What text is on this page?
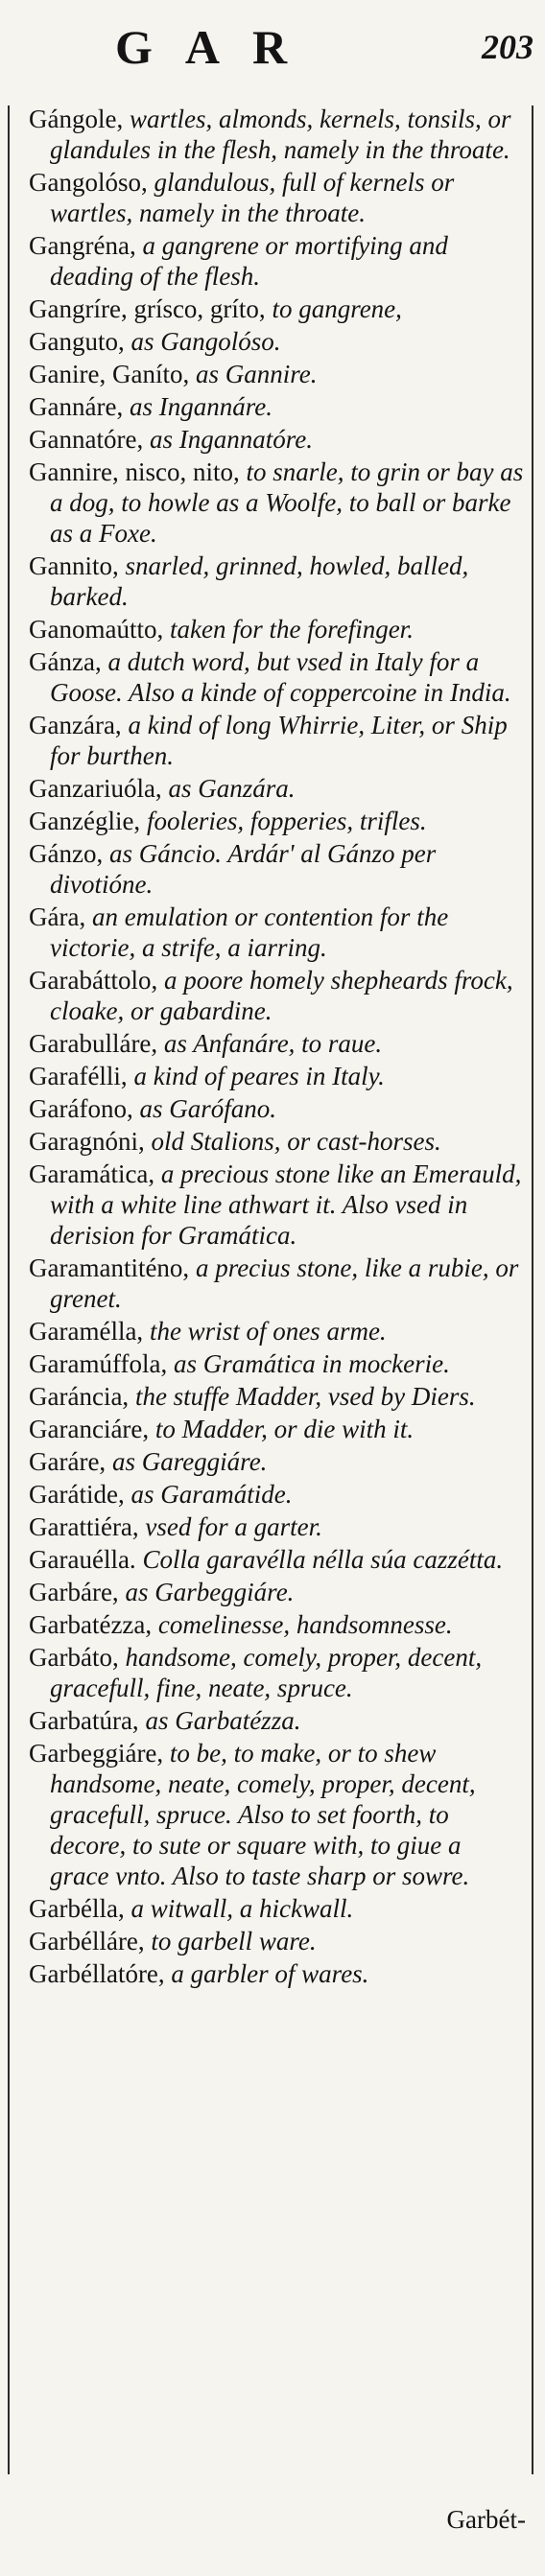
GAR	203

Gángole, wartles, almonds, kernels, tonsils, or glandules in the flesh, namely in the throate.

Gangolóso, glandulous, full of kernels or wartles, namely in the throate.

Gangréna, a gangrene or mortifying and deading of the flesh.

Gangríre, grísco, gríto, to gangrene,

Ganguto, as Gangolóso.

Ganire, Ganíto, as Gannire.

Gannáre, as Ingannáre.

Gannatóre, as Ingannatóre.

Gannire, nisco, nito, to snarle, to grin or bay as a dog, to howle as a Woolfe, to ball or barke as a Foxe.

Gannito, snarled, grinned, howled, balled, barked.

Ganomaútto, taken for the forefinger.

Gánza, a dutch word, but vsed in Italy for a Goose. Also a kinde of coppercoine in India.

Ganzára, a kind of long Whirrie, Liter, or Ship for burthen.

Ganzariuóla, as Ganzára.

Ganzéglie, fooleries, fopperies, trifles.

Gánzo, as Gáncio. Ardár' al Gánzo per divotióne.

Gára, an emulation or contention for the victorie, a strife, a iarring.

Garabáttolo, a poore homely shepheards frock, cloake, or gabardine.

Garabulláre, as Anfanáre, to raue.

Garafélli, a kind of peares in Italy.

Garáfono, as Garófano.

Garagnóni, old Stalions, or cast-horses.

Garamática, a precious stone like an Emerauld, with a white line athwart it. Also vsed in derision for Gramática.

Garamantiténo, a precius stone, like a rubie, or grenet.

Garamélla, the wrist of ones arme.

Garamúffola, as Gramática in mockerie.

Garáncia, the stuffe Madder, vsed by Diers.

Garanciáre, to Madder, or die with it.

Garáre, as Gareggiáre.

Garátide, as Garamátide.

Garattiéra, vsed for a garter.

Garauélla. Colla garavélla nélla súa cazzétta.

Garbáre, as Garbeggiáre.

Garbatézza, comelinesse, handsomnesse.

Garbáto, handsome, comely, proper, decent, gracefull, fine, neate, spruce.

Garbatúra, as Garbatézza.

Garbeggiáre, to be, to make, or to shew handsome, neate, comely, proper, decent, gracefull, spruce. Also to set foorth, to decore, to sute or square with, to giue a grace vnto. Also to taste sharp or sowre.

Garbélla, a witwall, a hickwall.

Garbélláre, to garbell ware.

Garbéllatóre, a garbler of wares.

Garbét-
